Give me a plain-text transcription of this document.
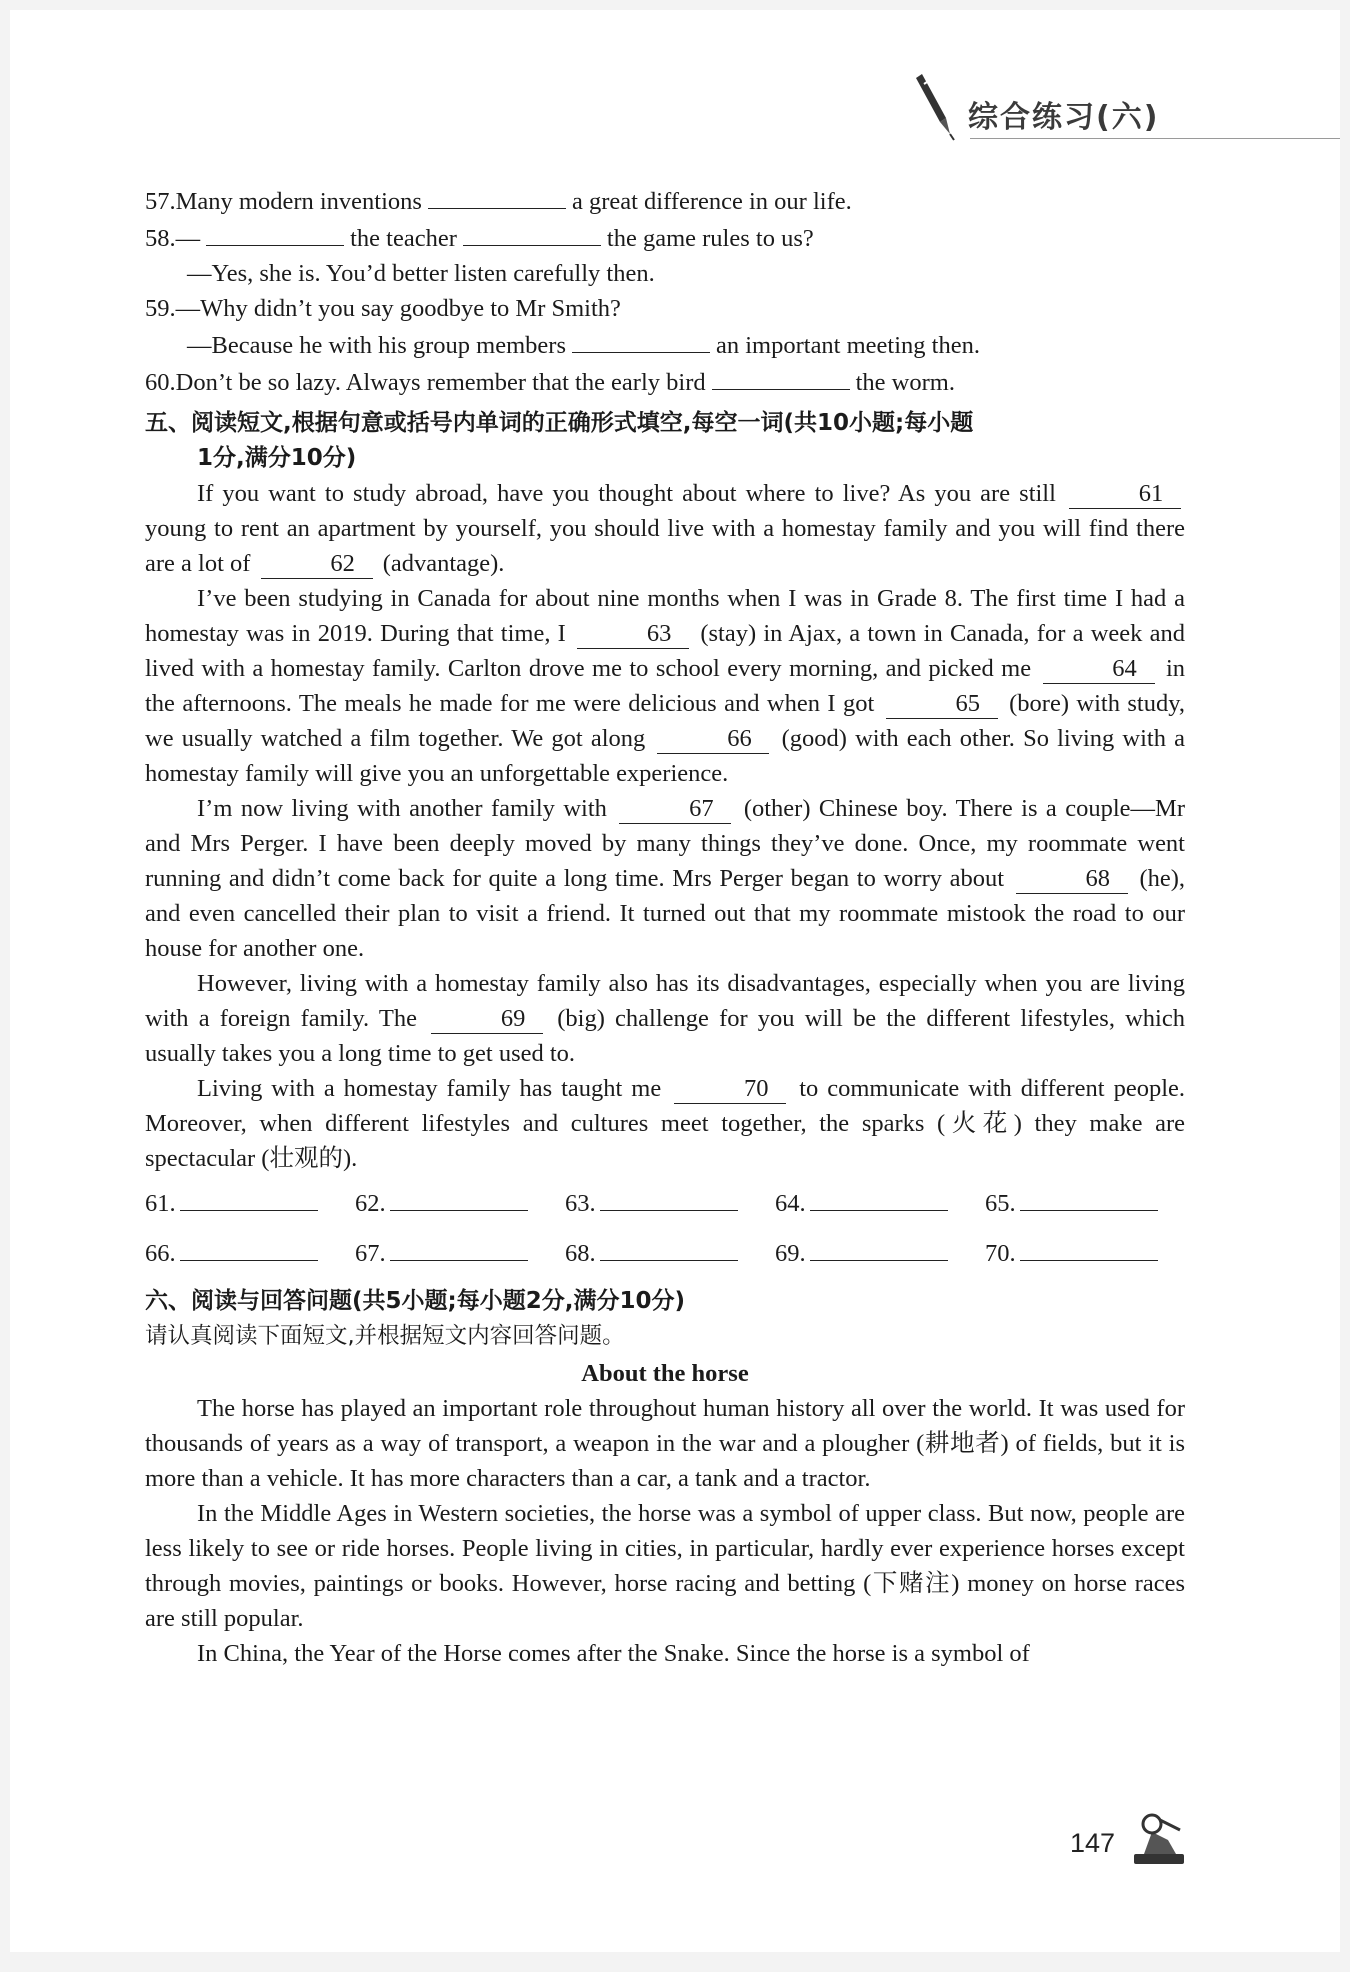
综合练习(六)
57.Many modern inventions	a great difference in our life.
58.—	the teacher	the game rules to us?
—Yes, she is. You’d better listen carefully then.
59.—Why didn’t you say goodbye to Mr Smith?
—Because he with his group members	an important meeting then.
60.Don’t be so lazy. Always remember that the early bird	the worm.
五、阅读短文,根据句意或括号内单词的正确形式填空,每空一词(共10小题;每小题
1分,满分10分)
If you want to study abroad, have you thought about where to live? As you are still	61 young to rent an apartment by yourself, you should live with a homestay family and you will find there are a lot of	62 (advantage).
I’ve been studying in Canada for about nine months when I was in Grade 8. The first time I had a homestay was in 2019. During that time, I	63 (stay) in Ajax, a town in Canada, for a week and lived with a homestay family. Carlton drove me to school every morning, and picked me	64 in the afternoons. The meals he made for me were delicious and when I got	65 (bore) with study, we usually watched a film together. We got along	66 (good) with each other. So living with a homestay family will give you an unforgettable experience.
I’m now living with another family with	67 (other) Chinese boy. There is a couple—Mr and Mrs Perger. I have been deeply moved by many things they’ve done. Once, my roommate went running and didn’t come back for quite a long time. Mrs Perger began to worry about	68 (he), and even cancelled their plan to visit a friend. It turned out that my roommate mistook the road to our house for another one.
However, living with a homestay family also has its disadvantages, especially when you are living with a foreign family. The	69 (big) challenge for you will be the different lifestyles, which usually takes you a long time to get used to.
Living with a homestay family has taught me	70 to communicate with different people. Moreover, when different lifestyles and cultures meet together, the sparks (火花) they make are spectacular (壮观的).
61.	62.	63.	64.	65.
66.	67.	68.	69.	70.
六、阅读与回答问题(共5小题;每小题2分,满分10分)
请认真阅读下面短文,并根据短文内容回答问题。
About the horse
The horse has played an important role throughout human history all over the world. It was used for thousands of years as a way of transport, a weapon in the war and a plougher (耕地者) of fields, but it is more than a vehicle. It has more characters than a car, a tank and a tractor.
In the Middle Ages in Western societies, the horse was a symbol of upper class. But now, people are less likely to see or ride horses. People living in cities, in particular, hardly ever experience horses except through movies, paintings or books. However, horse racing and betting (下赌注) money on horse races are still popular.
In China, the Year of the Horse comes after the Snake. Since the horse is a symbol of
147
